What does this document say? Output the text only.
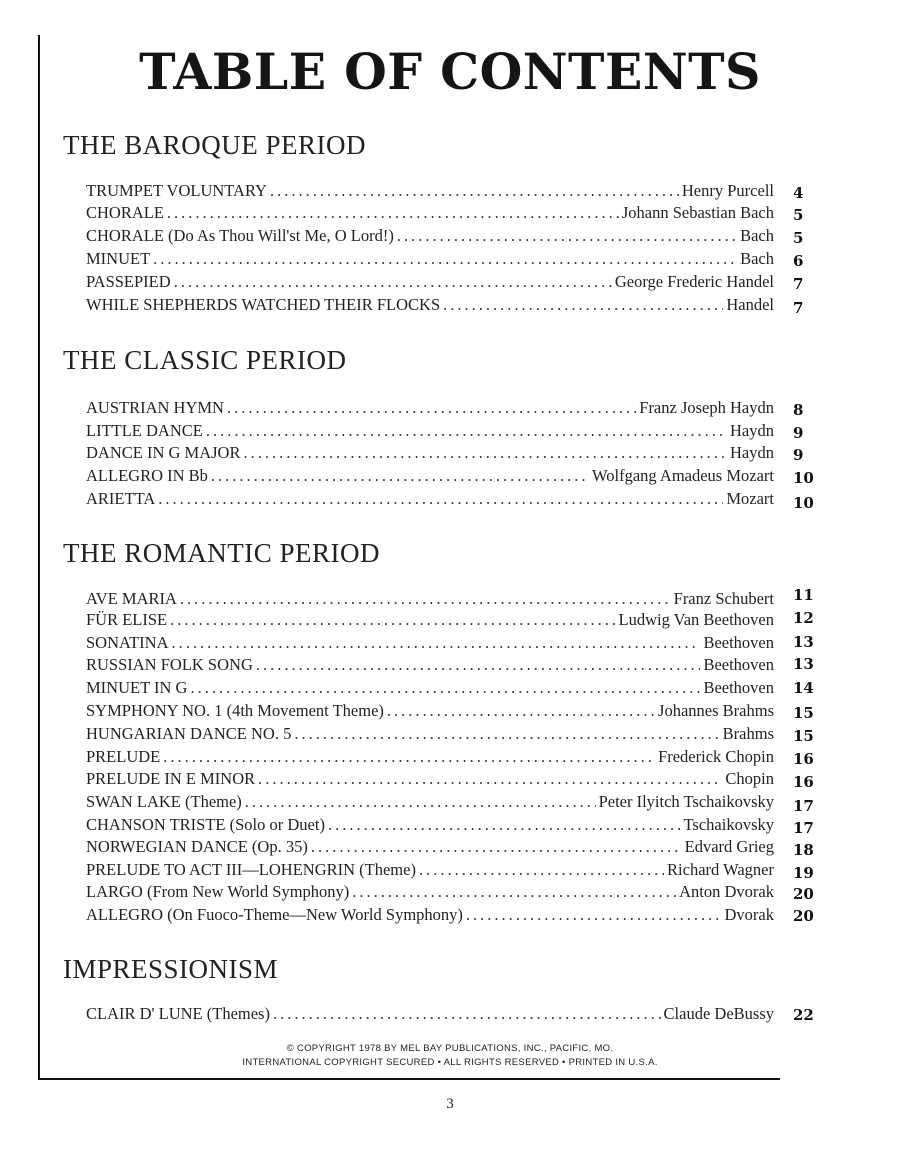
TABLE OF CONTENTS
THE BAROQUE PERIOD
TRUMPET VOLUNTARY .....	Henry Purcell 4
CHORALE .....	Johann Sebastian Bach 5
CHORALE (Do As Thou Will'st Me, O Lord!) .....	Bach 5
MINUET .....	Bach 6
PASSEPIED .....	George Frederic Handel 7
WHILE SHEPHERDS WATCHED THEIR FLOCKS .....	Handel 7
THE CLASSIC PERIOD
AUSTRIAN HYMN .....	Franz Joseph Haydn 8
LITTLE DANCE .....	Haydn 9
DANCE IN G MAJOR .....	Haydn 9
ALLEGRO IN Bb .....	Wolfgang Amadeus Mozart 10
ARIETTA .....	Mozart 10
THE ROMANTIC PERIOD
AVE MARIA .....	Franz Schubert 11
FÜR ELISE .....	Ludwig Van Beethoven 12
SONATINA .....	Beethoven 13
RUSSIAN FOLK SONG .....	Beethoven 13
MINUET IN G .....	Beethoven 14
SYMPHONY NO. 1 (4th Movement Theme) .....	Johannes Brahms 15
HUNGARIAN DANCE NO. 5 .....	Brahms 15
PRELUDE .....	Frederick Chopin 16
PRELUDE IN E MINOR .....	Chopin 16
SWAN LAKE (Theme) .....	Peter Ilyitch Tschaikovsky 17
CHANSON TRISTE (Solo or Duet) .....	Tschaikovsky 17
NORWEGIAN DANCE (Op. 35) .....	Edvard Grieg 18
PRELUDE TO ACT III—LOHENGRIN (Theme) .....	Richard Wagner 19
LARGO (From New World Symphony) .....	Anton Dvorak 20
ALLEGRO (On Fuoco-Theme—New World Symphony) .....	Dvorak 20
IMPRESSIONISM
CLAIR D' LUNE (Themes) .....	Claude DeBussy 22
© COPYRIGHT 1978 BY MEL BAY PUBLICATIONS, INC., PACIFIC, MO.
INTERNATIONAL COPYRIGHT SECURED • ALL RIGHTS RESERVED • PRINTED IN U.S.A.
3
